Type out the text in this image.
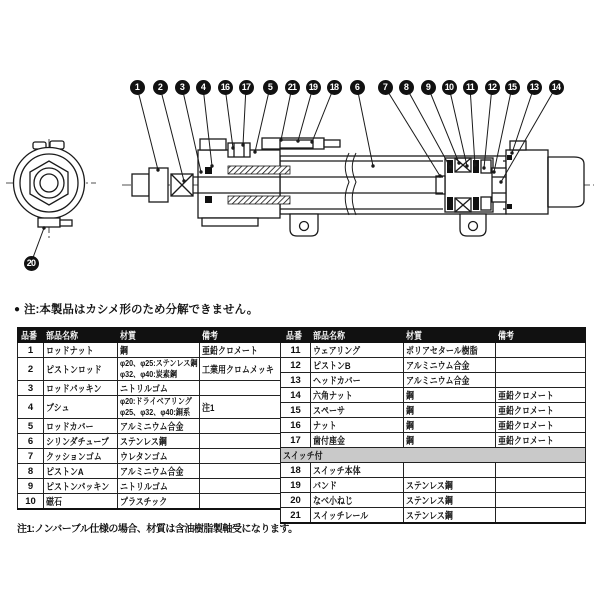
1	2	3	4	16	17	5	21	19	18	6	7	8	9	10	11	12	15	13	14
20
● 注:本製品はカシメ形のため分解できません。
品番	部品名称	材質	備考
1	ロッドナット	鋼	亜鉛クロメート
2	ピストンロッド	φ20、φ25:ステンレス鋼
φ32、φ40:炭素鋼	工業用クロムメッキ
3	ロッドパッキン	ニトリルゴム	
4	ブシュ	φ20:ドライベアリング
φ25、φ32、φ40:銅系	注1
5	ロッドカバー	アルミニウム合金	
6	シリンダチューブ	ステンレス鋼	
7	クッションゴム	ウレタンゴム	
8	ピストンA	アルミニウム合金	
9	ピストンパッキン	ニトリルゴム	
10	磁石	プラスチック	
品番	部品名称	材質	備考
11	ウェアリング	ポリアセタール樹脂	
12	ピストンB	アルミニウム合金	
13	ヘッドカバー	アルミニウム合金	
14	六角ナット	鋼	亜鉛クロメート
15	スペーサ	鋼	亜鉛クロメート
16	ナット	鋼	亜鉛クロメート
17	歯付座金	鋼	亜鉛クロメート
スイッチ付			
18	スイッチ本体		
19	バンド	ステンレス鋼	
20	なべ小ねじ	ステンレス鋼	
21	スイッチレール	ステンレス鋼	
注1:ノンバーブル仕様の場合、材質は含油樹脂製軸受になります。
